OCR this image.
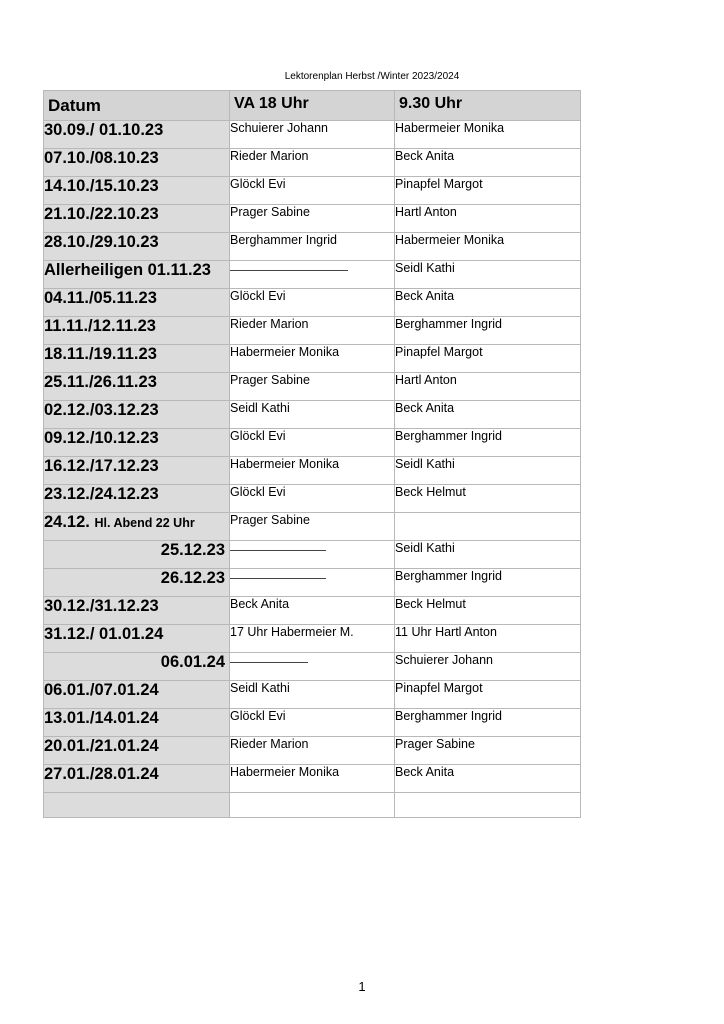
Lektorenplan Herbst /Winter 2023/2024
Datum	VA 18 Uhr	9.30 Uhr
30.09./ 01.10.23	Schuierer Johann	Habermeier Monika
07.10./08.10.23	Rieder Marion	Beck Anita
14.10./15.10.23	Glöckl Evi	Pinapfel Margot
21.10./22.10.23	Prager Sabine	Hartl Anton
28.10./29.10.23	Berghammer Ingrid	Habermeier Monika
Allerheiligen 01.11.23		Seidl Kathi
04.11./05.11.23	Glöckl Evi	Beck Anita
11.11./12.11.23	Rieder Marion	Berghammer Ingrid
18.11./19.11.23	Habermeier Monika	Pinapfel Margot
25.11./26.11.23	Prager Sabine	Hartl Anton
02.12./03.12.23	Seidl Kathi	Beck Anita
09.12./10.12.23	Glöckl Evi	Berghammer Ingrid
16.12./17.12.23	Habermeier Monika	Seidl Kathi
23.12./24.12.23	Glöckl Evi	Beck Helmut
24.12. Hl. Abend 22 Uhr	Prager Sabine	
25.12.23		Seidl Kathi
26.12.23		Berghammer Ingrid
30.12./31.12.23	Beck Anita	Beck Helmut
31.12./ 01.01.24	17 Uhr Habermeier M.	11 Uhr Hartl Anton
06.01.24		Schuierer Johann
06.01./07.01.24	Seidl Kathi	Pinapfel Margot
13.01./14.01.24	Glöckl Evi	Berghammer Ingrid
20.01./21.01.24	Rieder Marion	Prager Sabine
27.01./28.01.24	Habermeier Monika	Beck Anita

1
